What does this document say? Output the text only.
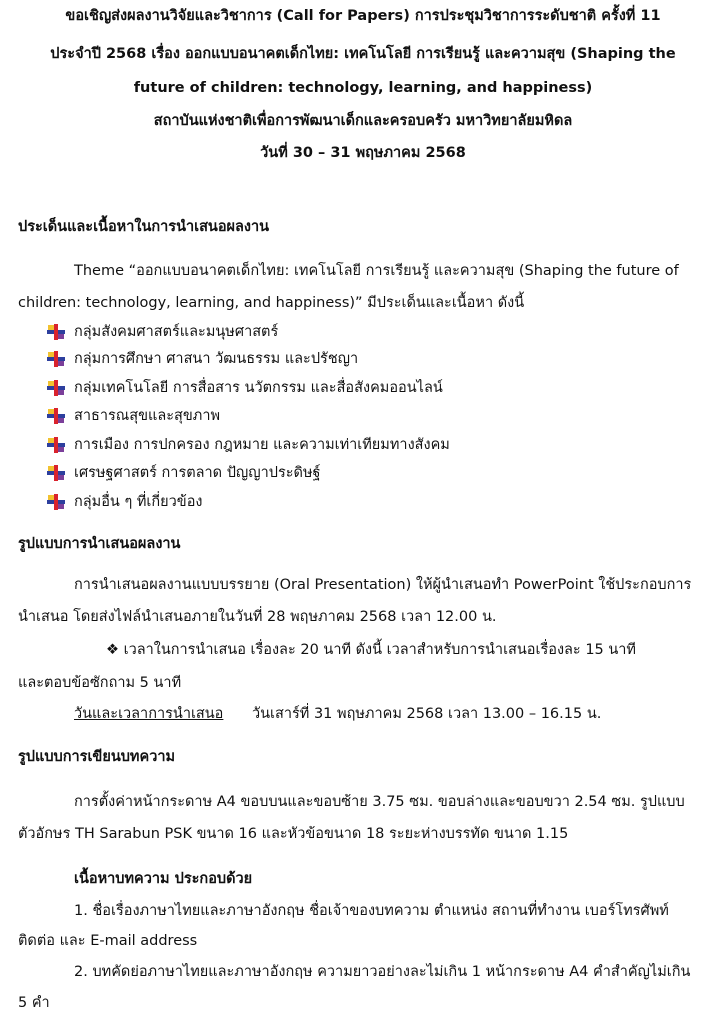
ขอเชิญส่งผลงานวิจัยและวิชาการ (Call for Papers) การประชุมวิชาการระดับชาติ ครั้งที่ 11
ประจำปี 2568 เรื่อง ออกแบบอนาคตเด็กไทย: เทคโนโลยี การเรียนรู้ และความสุข (Shaping the
future of children: technology, learning, and happiness)
สถาบันแห่งชาติเพื่อการพัฒนาเด็กและครอบครัว มหาวิทยาลัยมหิดล
วันที่ 30 – 31 พฤษภาคม 2568
ประเด็นและเนื้อหาในการนำเสนอผลงาน
Theme “ออกแบบอนาคตเด็กไทย: เทคโนโลยี การเรียนรู้ และความสุข (Shaping the future of
children: technology, learning, and happiness)” มีประเด็นและเนื้อหา ดังนี้
กลุ่มสังคมศาสตร์และมนุษศาสตร์
กลุ่มการศึกษา ศาสนา วัฒนธรรม และปรัชญา
กลุ่มเทคโนโลยี การสื่อสาร นวัตกรรม และสื่อสังคมออนไลน์
สาธารณสุขและสุขภาพ
การเมือง การปกครอง กฎหมาย และความเท่าเทียมทางสังคม
เศรษฐศาสตร์ การตลาด ปัญญาประดิษฐ์
กลุ่มอื่น ๆ ที่เกี่ยวข้อง
รูปแบบการนำเสนอผลงาน
การนำเสนอผลงานแบบบรรยาย (Oral Presentation) ให้ผู้นำเสนอทำ PowerPoint ใช้ประกอบการ
นำเสนอ โดยส่งไฟล์นำเสนอภายในวันที่ 28 พฤษภาคม 2568 เวลา 12.00 น.
❖ เวลาในการนำเสนอ เรื่องละ 20 นาที ดังนี้ เวลาสำหรับการนำเสนอเรื่องละ 15 นาที
และตอบข้อซักถาม 5 นาที
วันและเวลาการนำเสนอ วันเสาร์ที่ 31 พฤษภาคม 2568 เวลา 13.00 – 16.15 น.
รูปแบบการเขียนบทความ
การตั้งค่าหน้ากระดาษ A4 ขอบบนและขอบซ้าย 3.75 ซม. ขอบล่างและขอบขวา 2.54 ซม. รูปแบบ
ตัวอักษร TH Sarabun PSK ขนาด 16 และหัวข้อขนาด 18 ระยะห่างบรรทัด ขนาด 1.15
เนื้อหาบทความ ประกอบด้วย
1. ชื่อเรื่องภาษาไทยและภาษาอังกฤษ ชื่อเจ้าของบทความ ตำแหน่ง สถานที่ทำงาน เบอร์โทรศัพท์
ติดต่อ และ E-mail address
2. บทคัดย่อภาษาไทยและภาษาอังกฤษ ความยาวอย่างละไม่เกิน 1 หน้ากระดาษ A4 คำสำคัญไม่เกิน
5 คำ
